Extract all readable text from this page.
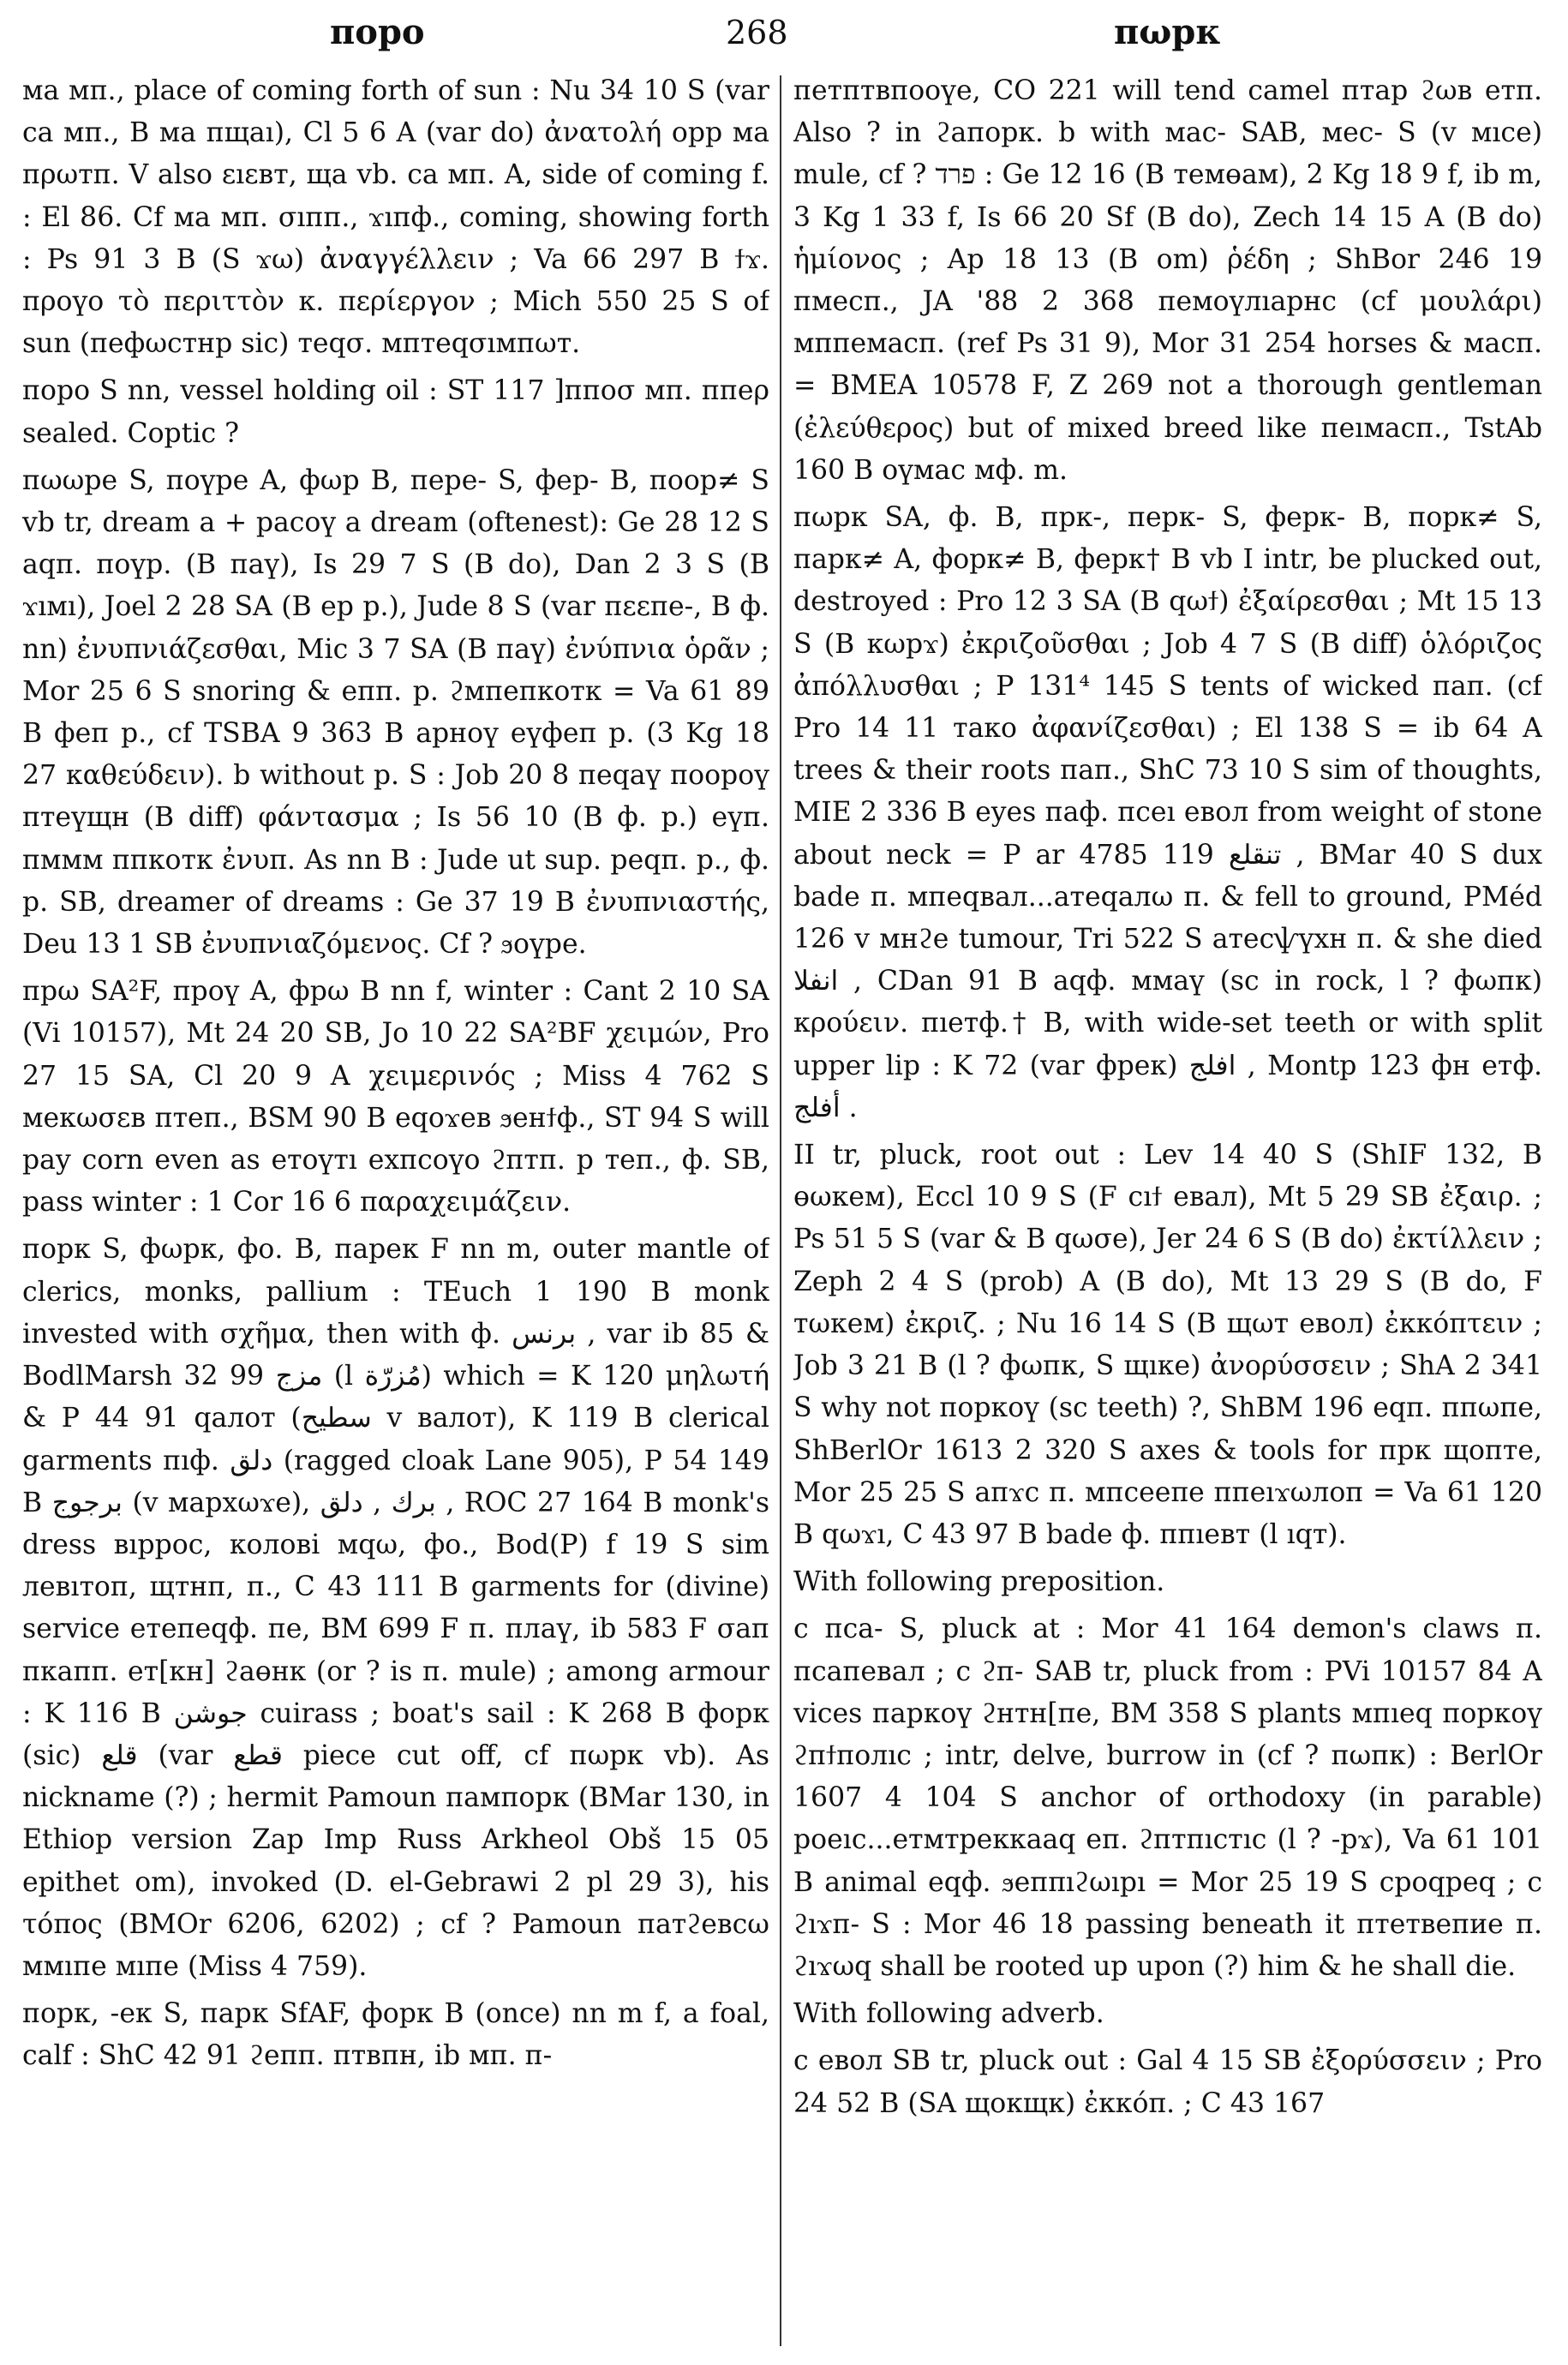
поро	268	пωрк

ма мп., place of coming forth of sun : Nu 34 10 S (var са мп., B ма пщаı), Cl 5 6 A (var do) ἀνατολή opp ма пρωтп. V also εıεвт, ща vb. са мп. A, side of coming f. : El 86. Cf ма мп. σıпп., ϫıпф., coming, showing forth : Ps 91 3 B (S ϫω) ἀναγγέλλειν ; Va 66 297 B ϯϫ. пρоүо τὸ περιττὸν κ. περίεργον ; Mich 550 25 S of sun (пефωстнр sic) теqσ. мптеqσıмпωт.

поро S nn, vessel holding oil : ST 117 ]ппоσ мп. ппеρ sealed. Coptic ?

пωωре S, поүре A, фωр B, пере- S, фер- B, поор≠ S vb tr, dream a + расоү a dream (oftenest): Ge 28 12 S аqп. поүр. (B паү), Is 29 7 S (B do), Dan 2 3 S (B ϫıмı), Joel 2 28 SA (B ер р.), Jude 8 S (var пεεпе-, B ф. nn) ἐνυπνιάζεσθαι, Mic 3 7 SA (B паү) ἐνύπνια ὁρᾶν ; Mor 25 6 S snoring & епп. р. ϩмпепкотк = Va 61 89 B феп р., cf TSBA 9 363 B арноү еүфеп р. (3 Kg 18 27 καθεύδειν). b without р. S : Job 20 8 пеqаү поороү птеүщн (B diff) φάντασμα ; Is 56 10 (B ф. р.) еүп. пммм ппкотк ἐνυπ. As nn B : Jude ut sup. реqп. р., ф. р. SB, dreamer of dreams : Ge 37 19 B ἐνυπνιαστής, Deu 13 1 SB ἐνυπνιαζόμενος. Cf ? ϧоүре.

прω SA²F, проү A, фрω B nn f, winter : Cant 2 10 SA (Vi 10157), Mt 24 20 SB, Jo 10 22 SA²BF χειμών, Pro 27 15 SA, Cl 20 9 A χειμερινός ; Miss 4 762 S мекωσεв птеп., BSM 90 B еqоϫев ϧенϯф., ST 94 S will pay corn even as етоүтı ехпсоүо ϩптп. р теп., ф. SB, pass winter : 1 Cor 16 6 παραχειμάζειν.

порк S, фωрк, фо. B, парек F nn m, outer mantle of clerics, monks, pallium : TEuch 1 190 B monk invested with σχῆμα, then with ф. برنس , var ib 85 & BodlMarsh 32 99 مزج (l مُزرّة) which = K 120 μηλωτή & P 44 91 qалот (سطيح v валот), K 119 B clerical garments пıф. دلق (ragged cloak Lane 905), P 54 149 B برجوج (v мархωϫе), برك , دلق , ROC 27 164 B monk's dress вıррос, колові мqω, фо., Bod(P) f 19 S sim левıтоп, щтнп, п., C 43 111 B garments for (divine) service етепеqф. пе, BM 699 F п. плаү, ib 583 F σап пкапп. ет[кн] ϩаөнк (or ? is п. mule) ; among armour : K 116 B جوشن cuirass ; boat's sail : K 268 B форк (sic) قلع (var قطع piece cut off, cf пωрк vb). As nickname (?) ; hermit Pamoun пампорк (BMar 130, in Ethiop version Zap Imp Russ Arkheol Obš 15 05 epithet om), invoked (D. el-Gebrawi 2 pl 29 3), his τόπος (BMOr 6206, 6202) ; cf ? Pamoun патϩевсω ммıпе мıпе (Miss 4 759).

порк, -ек S, парк SfAF, форк B (once) nn m f, a foal, calf : ShC 42 91 ϩепп. птвпн, ib мп. п-

петптвпооүе, CO 221 will tend camel птар ϩωв етп. Also ? in ϩапорк. b with мас- SAB, мес- S (v мıсе) mule, cf ? פרד : Ge 12 16 (B темөам), 2 Kg 18 9 f, ib m, 3 Kg 1 33 f, Is 66 20 Sf (B do), Zech 14 15 A (B do) ἡμίονος ; Ap 18 13 (B om) ῥέδη ; ShBor 246 19 пмесп., JA '88 2 368 пемоүлıарнс (cf μουλάρι) мппемасп. (ref Ps 31 9), Mor 31 254 horses & масп. = BMEA 10578 F, Z 269 not a thorough gentleman (ἐλεύθερος) but of mixed breed like пеıмасп., TstAb 160 B оүмас мф. m.

пωрк SA, ф. B, прк-, перк- S, ферк- B, порк≠ S, парк≠ A, форк≠ B, ферк† B vb I intr, be plucked out, destroyed : Pro 12 3 SA (B qωϯ) ἐξαίρεσθαι ; Mt 15 13 S (B кωрϫ) ἐκριζοῦσθαι ; Job 4 7 S (B diff) ὁλόριζος ἀπόλλυσθαι ; P 131⁴ 145 S tents of wicked пап. (cf Pro 14 11 тако ἀφανίζεσθαι) ; El 138 S = ib 64 A trees & their roots пап., ShC 73 10 S sim of thoughts, MIE 2 336 B eyes паф. псеı евол from weight of stone about neck = P ar 4785 119 تنقلع , BMar 40 S dux bade п. мпеqвал...атеqалω п. & fell to ground, PMéd 126 v мнϩе tumour, Tri 522 S атесѱүхн п. & she died انفلا , CDan 91 B аqф. ммаү (sc in rock, l ? фωпк) κρούειν. пıетф.† B, with wide-set teeth or with split upper lip : K 72 (var фрек) افلج , Montp 123 фн етф. أفلج .

II tr, pluck, root out : Lev 14 40 S (ShIF 132, B өωкем), Eccl 10 9 S (F сıϯ евал), Mt 5 29 SB ἐξαιρ. ; Ps 51 5 S (var & B qωσе), Jer 24 6 S (B do) ἐκτίλλειν ; Zeph 2 4 S (prob) A (B do), Mt 13 29 S (B do, F тωкем) ἐκριζ. ; Nu 16 14 S (B щωт евол) ἐκκόπτειν ; Job 3 21 B (l ? фωпк, S щıке) ἀνορύσσειν ; ShA 2 341 S why not поркоү (sc teeth) ?, ShBM 196 еqп. ппωпе, ShBerlOr 1613 2 320 S axes & tools for прк щопте, Mor 25 25 S апϫс п. мпсееπе ппеıϫωлоп = Va 61 120 B qωϫı, C 43 97 B bade ф. ппıевт (l ıqт).

With following preposition.

с пса- S, pluck at : Mor 41 164 demon's claws п. псапевал ; с ϩп- SAB tr, pluck from : PVi 10157 84 A vices паркоү ϩнтн[пе, BM 358 S plants мпıеq поркоү ϩпϯполıс ; intr, delve, burrow in (cf ? пωпк) : BerlOr 1607 4 104 S anchor of orthodoxy (in parable) роеıс...етмтреккааq еп. ϩптпıстıс (l ? -рϫ), Va 61 101 B animal еqф. ϧепπıϩωıрı = Mor 25 19 S сроqреq ; с ϩıϫп- S : Mor 46 18 passing beneath it птетвепие п. ϩıϫωq shall be rooted up upon (?) him & he shall die.

With following adverb.

с евол SB tr, pluck out : Gal 4 15 SB ἐξορύσσειν ; Pro 24 52 B (SA щокщк) ἐκκόπ. ; C 43 167
